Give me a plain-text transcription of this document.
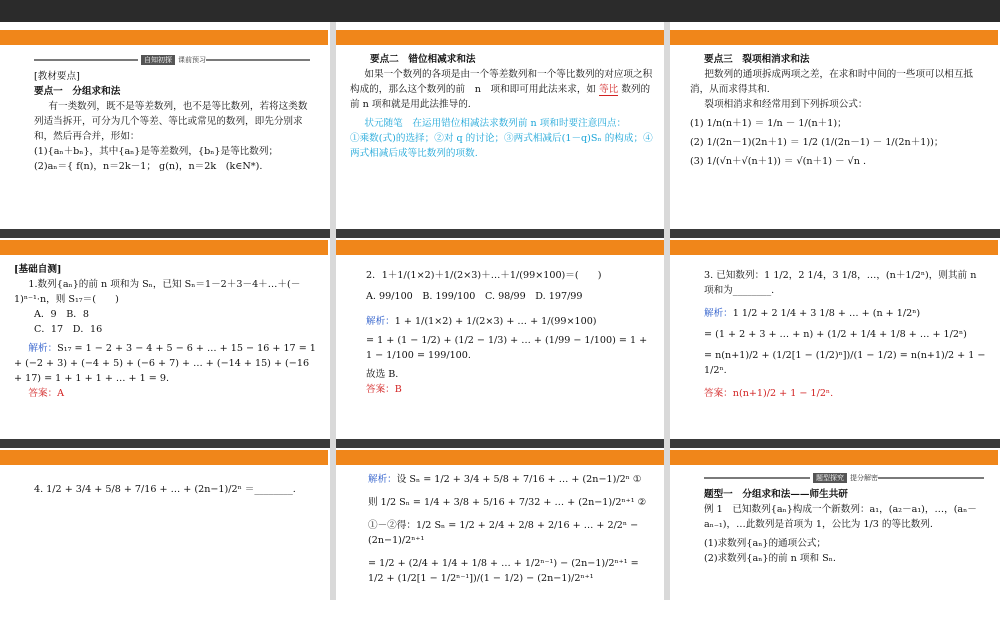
自知初探 课前预习

[教材要点]

要点一　分组求和法

有一类数列，既不是等差数列，也不是等比数列，若将这类数列适当拆开，可分为几个等差、等比或常见的数列，即先分别求和，然后再合并，形如：

(1){aₙ＋bₙ}，其中{aₙ}是等差数列，{bₙ}是等比数列；

(2)aₙ＝{ f(n)，n＝2k－1； g(n)，n＝2k　(k∈N*).

要点二　错位相减求和法

如果一个数列的各项是由一个等差数列和一个等比数列的对应项之积构成的，那么这个数列的前　n　项和即可用此法来求，如 等比 数列的前 n 项和就是用此法推导的.

状元随笔　在运用错位相减法求数列前 n 项和时要注意四点：

①乘数(式)的选择；②对 q 的讨论；③两式相减后(1－q)Sₙ 的构成；④两式相减后成等比数列的项数.

要点三　裂项相消求和法

把数列的通项拆成两项之差，在求和时中间的一些项可以相互抵消，从而求得其和.

裂项相消求和经常用到下列拆项公式：

(1) 1/n(n＋1) ＝ 1/n － 1/(n＋1)；

(2) 1/(2n－1)(2n＋1) ＝ 1/2 (1/(2n－1) － 1/(2n＋1))；

(3) 1/(√n＋√(n＋1)) ＝ √(n＋1) － √n .

[基础自测]

1.数列{aₙ}的前 n 项和为 Sₙ，已知 Sₙ＝1－2＋3－4＋…＋(－1)ⁿ⁻¹·n，则 S₁₇＝(　　)

A．9　B．8

C．17　D．16

解析：S₁₇ = 1 − 2 + 3 − 4 + 5 − 6 + … + 15 − 16 + 17 = 1 + (−2 + 3) + (−4 + 5) + (−6 + 7) + … + (−14 + 15) + (−16 + 17) = 1 + 1 + 1 + … + 1 = 9.

答案：A

2．1＋1/(1×2)＋1/(2×3)＋…＋1/(99×100)＝(　　)

A. 99/100　B. 199/100　C. 98/99　D. 197/99

解析：1 + 1/(1×2) + 1/(2×3) + … + 1/(99×100)

= 1 + (1 − 1/2) + (1/2 − 1/3) + … + (1/99 − 1/100) = 1 + 1 − 1/100 = 199/100.

故选 B.

答案：B

3. 已知数列：1 1/2，2 1/4，3 1/8，…，(n＋1/2ⁿ)，则其前 n 项和为________.

解析：1 1/2 + 2 1/4 + 3 1/8 + … + (n + 1/2ⁿ)

= (1 + 2 + 3 + … + n) + (1/2 + 1/4 + 1/8 + … + 1/2ⁿ)

= n(n+1)/2 + (1/2[1 − (1/2)ⁿ])/(1 − 1/2) = n(n+1)/2 + 1 − 1/2ⁿ.

答案：n(n+1)/2 + 1 − 1/2ⁿ.

4. 1/2 + 3/4 + 5/8 + 7/16 + … + (2n−1)/2ⁿ ＝________.

解析：设 Sₙ = 1/2 + 3/4 + 5/8 + 7/16 + … + (2n−1)/2ⁿ ①

则 1/2 Sₙ = 1/4 + 3/8 + 5/16 + 7/32 + … + (2n−1)/2ⁿ⁺¹ ②

①－②得：1/2 Sₙ = 1/2 + 2/4 + 2/8 + 2/16 + … + 2/2ⁿ − (2n−1)/2ⁿ⁺¹

= 1/2 + (2/4 + 1/4 + 1/8 + … + 1/2ⁿ⁻¹) − (2n−1)/2ⁿ⁺¹ = 1/2 + (1/2[1 − 1/2ⁿ⁻¹])/(1 − 1/2) − (2n−1)/2ⁿ⁺¹

题型探究 提分解密

题型一　分组求和法——师生共研

例 1　已知数列{aₙ}构成一个新数列：a₁，(a₂－a₁)，…，(aₙ－aₙ₋₁)，…此数列是首项为 1，公比为 1/3 的等比数列.

(1)求数列{aₙ}的通项公式；

(2)求数列{aₙ}的前 n 项和 Sₙ.
